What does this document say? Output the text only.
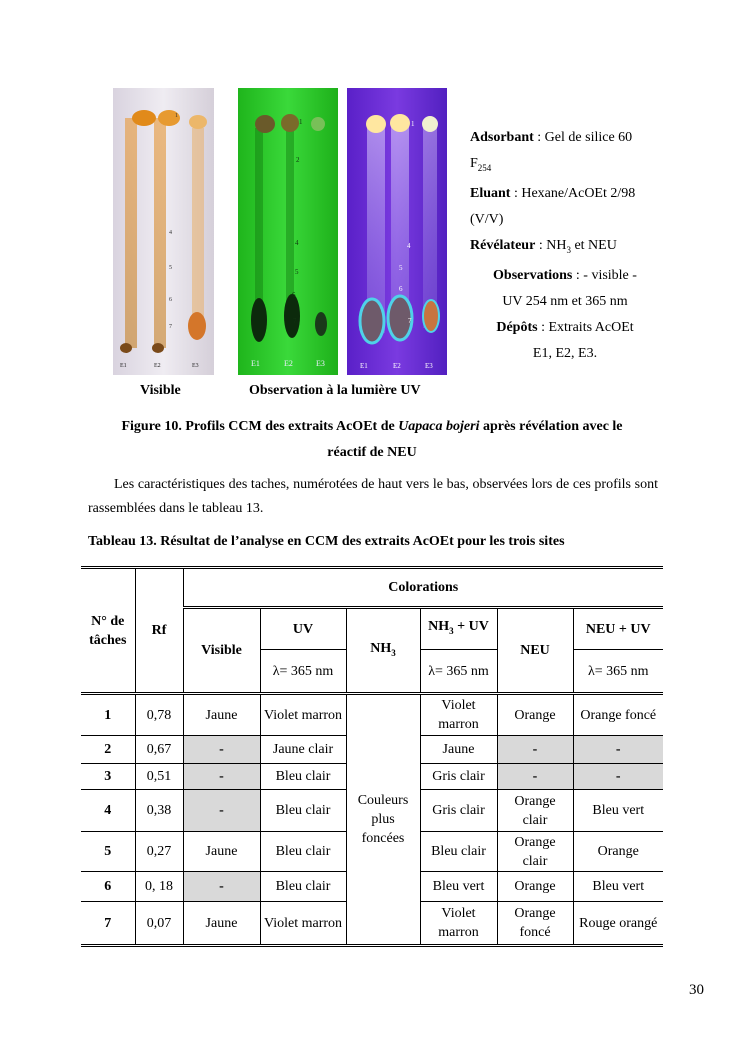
1
4
5
6
7
E1	E2	E3
1
2
4
5
6
7
E1	E2	E3
1
4
5
6
7
E1	E2	E3
Adsorbant : Gel de silice 60
$F_{254}$
Eluant : Hexane/AcOEt 2/98
(V/V)
Révélateur : $NH_3$ et NEU
Observations : - visible -
UV 254 nm et 365 nm
Dépôts : Extraits AcOEt
E1, E2, E3.
Visible	Observation à la lumière UV
Figure 10. Profils CCM des extraits AcOEt de Uapaca bojeri après révélation avec le
réactif de NEU
Les caractéristiques des taches, numérotées de haut vers le bas, observées lors de ces profils sont rassemblées dans le tableau 13.
Tableau 13. Résultat de l’analyse en CCM des extraits AcOEt pour les trois sites
N° de tâches	Rf	Colorations					
		Visible	UV	$NH_3$	$NH_3$ + UV	NEU	NEU + UV
			λ= 365 nm		λ= 365 nm		λ= 365 nm
1	0,78	Jaune	Violet marron	Couleurs plus foncées	Violet marron	Orange	Orange foncé
2	0,67	-	Jaune clair		Jaune	-	-
3	0,51	-	Bleu clair		Gris clair	-	-
4	0,38	-	Bleu clair		Gris clair	Orange clair	Bleu vert
5	0,27	Jaune	Bleu clair		Bleu clair	Orange clair	Orange
6	0, 18	-	Bleu clair		Bleu vert	Orange	Bleu vert
7	0,07	Jaune	Violet marron		Violet marron	Orange foncé	Rouge orangé
30
